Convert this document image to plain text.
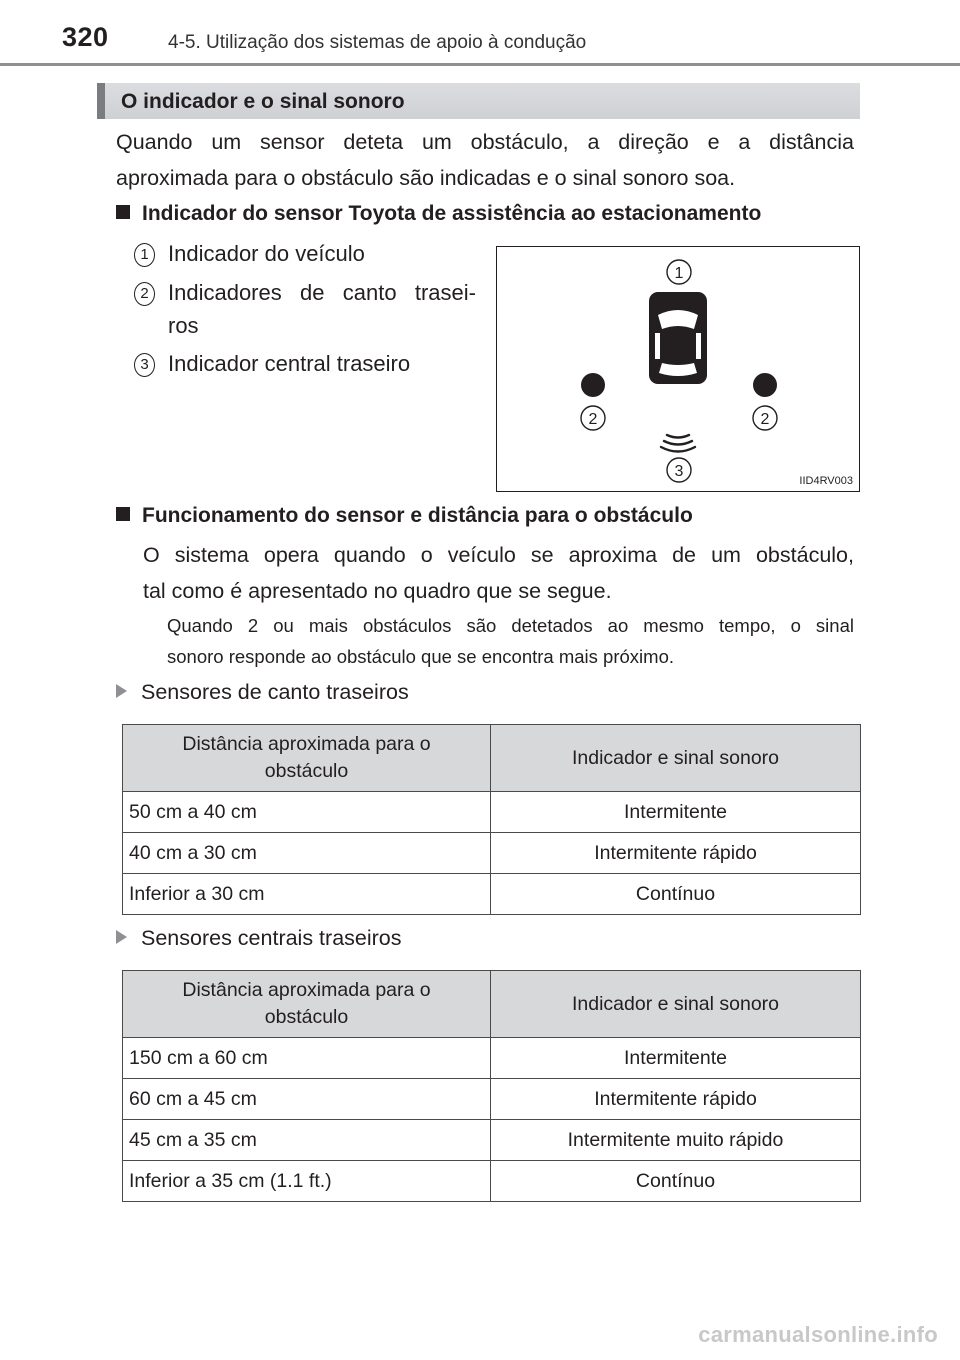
320	4-5. Utilização dos sistemas de apoio à condução
O indicador e o sinal sonoro
Quando um sensor deteta um obstáculo, a direção e a distância
aproximada para o obstáculo são indicadas e o sinal sonoro soa.
Indicador do sensor Toyota de assistência ao estacionamento
1 Indicador do veículo
2 Indicadores de canto trasei-
ros
3 Indicador central traseiro
1
2	2
3
IID4RV003
Funcionamento do sensor e distância para o obstáculo
O sistema opera quando o veículo se aproxima de um obstáculo,
tal como é apresentado no quadro que se segue.
Quando 2 ou mais obstáculos são detetados ao mesmo tempo, o sinal
sonoro responde ao obstáculo que se encontra mais próximo.
Sensores de canto traseiros
Distância aproximada para o
obstáculo	Indicador e sinal sonoro
50 cm a 40 cm	Intermitente
40 cm a 30 cm	Intermitente rápido
Inferior a 30 cm	Contínuo
Sensores centrais traseiros
Distância aproximada para o
obstáculo	Indicador e sinal sonoro
150 cm a 60 cm	Intermitente
60 cm a 45 cm	Intermitente rápido
45 cm a 35 cm	Intermitente muito rápido
Inferior a 35 cm (1.1 ft.)	Contínuo
carmanualsonline.info
